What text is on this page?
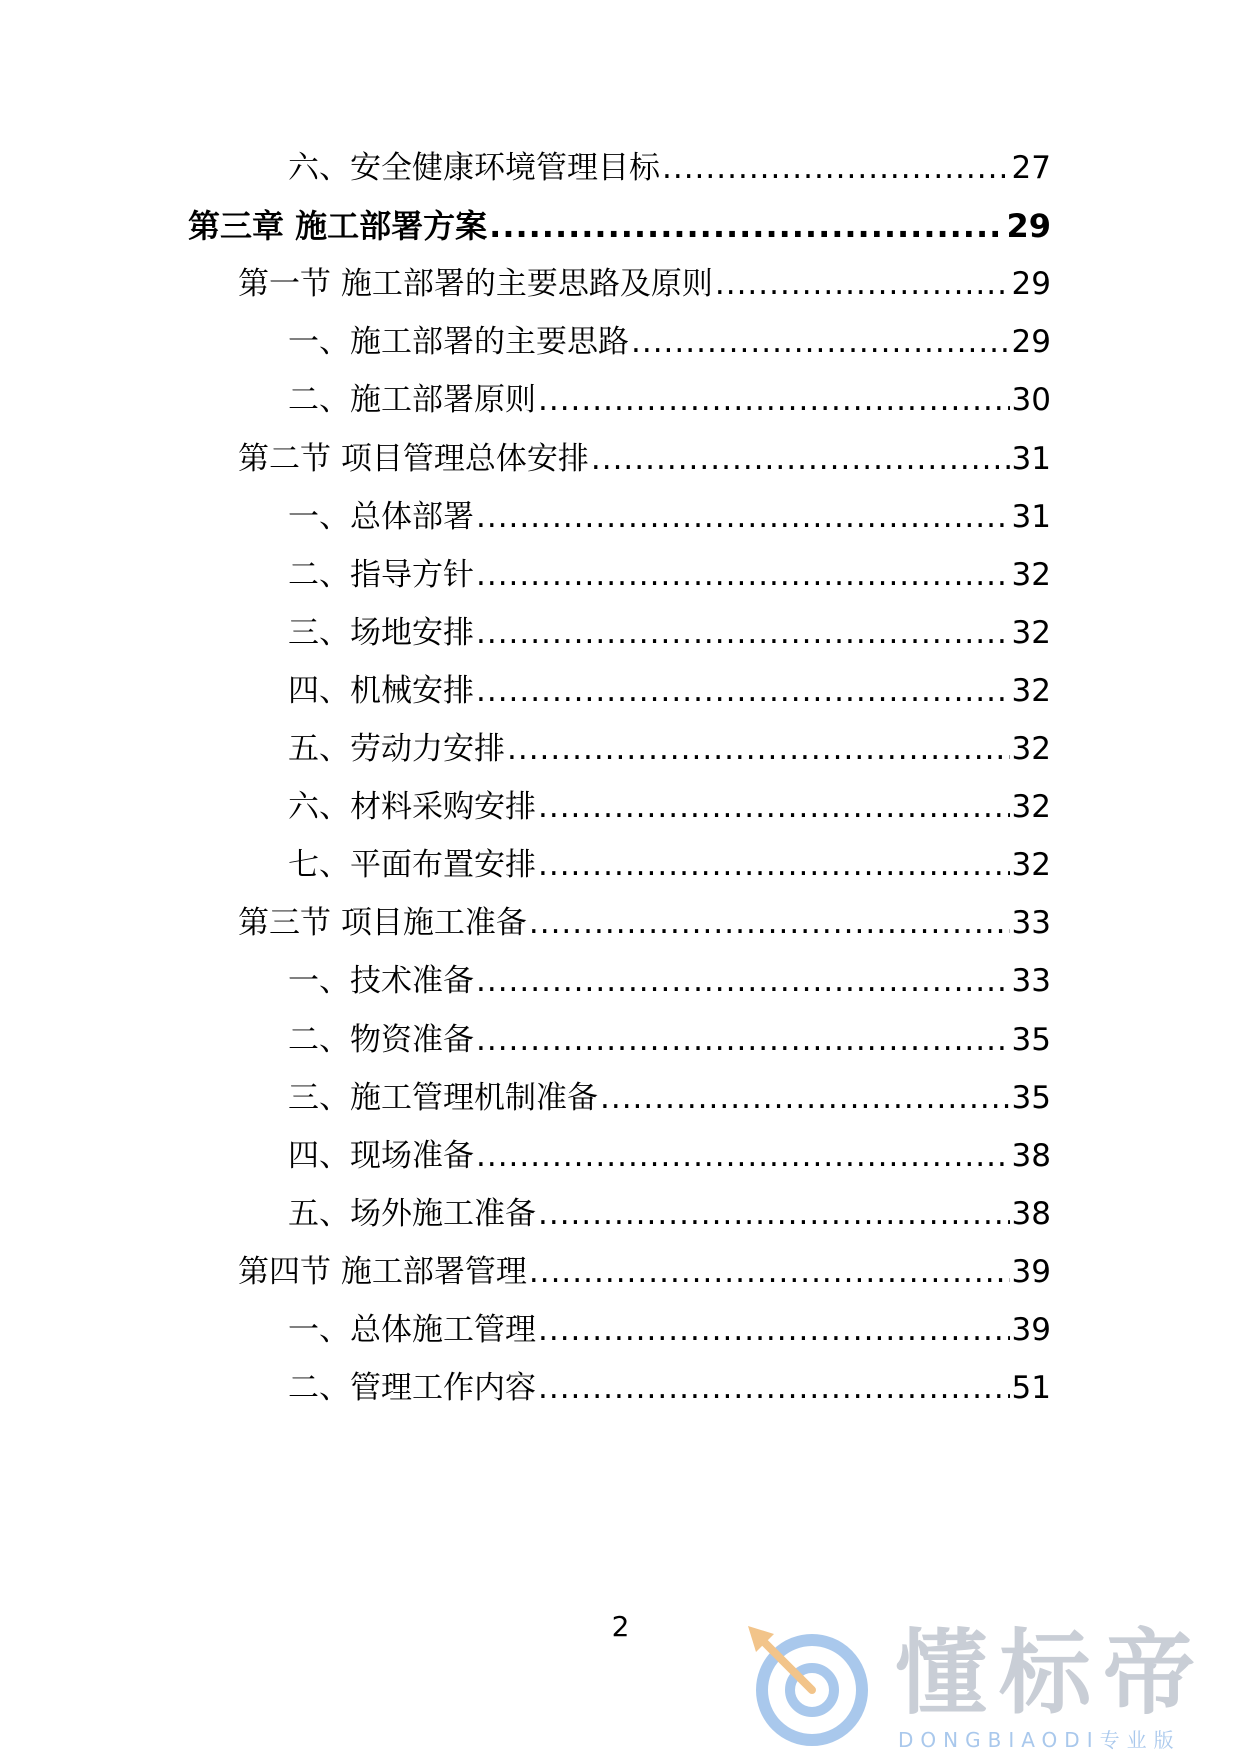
六、安全健康环境管理目标 .....	27
第三章 施工部署方案 .....	29
第一节 施工部署的主要思路及原则 .....	29
一、施工部署的主要思路 .....	29
二、施工部署原则 .....	30
第二节 项目管理总体安排 .....	31
一、总体部署 .....	31
二、指导方针 .....	32
三、场地安排 .....	32
四、机械安排 .....	32
五、劳动力安排 .....	32
六、材料采购安排 .....	32
七、平面布置安排 .....	32
第三节 项目施工准备 .....	33
一、技术准备 .....	33
二、物资准备 .....	35
三、施工管理机制准备 .....	35
四、现场准备 .....	38
五、场外施工准备 .....	38
第四节 施工部署管理 .....	39
一、总体施工管理 .....	39
二、管理工作内容 .....	51
2	懂标帝
DONGBIAODI专业版
